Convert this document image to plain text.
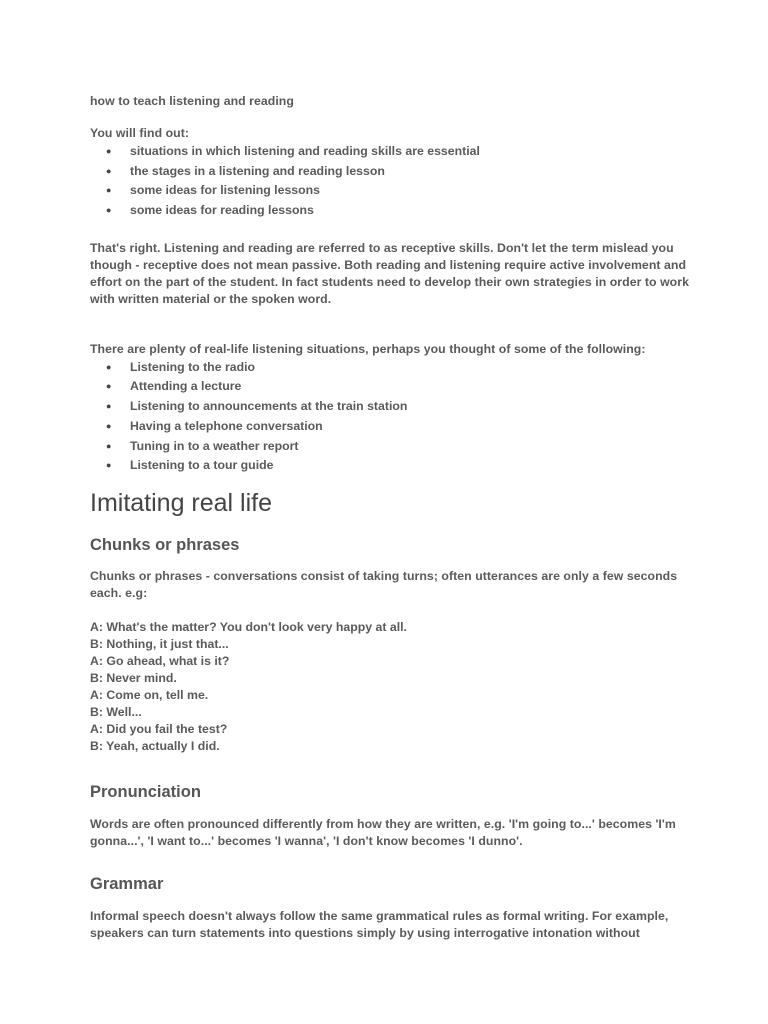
how to teach listening and reading

You will find out:

● situations in which listening and reading skills are essential
● the stages in a listening and reading lesson
● some ideas for listening lessons
● some ideas for reading lessons

That's right. Listening and reading are referred to as receptive skills. Don't let the term mislead you though - receptive does not mean passive. Both reading and listening require active involvement and effort on the part of the student. In fact students need to develop their own strategies in order to work with written material or the spoken word.

There are plenty of real-life listening situations, perhaps you thought of some of the following:

● Listening to the radio
● Attending a lecture
● Listening to announcements at the train station
● Having a telephone conversation
● Tuning in to a weather report
● Listening to a tour guide
Imitating real life
Chunks or phrases

Chunks or phrases - conversations consist of taking turns; often utterances are only a few seconds each. e.g:

A: What's the matter? You don't look very happy at all.
B: Nothing, it just that...
A: Go ahead, what is it?
B: Never mind.
A: Come on, tell me.
B: Well...
A: Did you fail the test?
B: Yeah, actually I did.
Pronunciation

Words are often pronounced differently from how they are written, e.g. 'I'm going to...' becomes 'I'm gonna...', 'I want to...' becomes 'I wanna', 'I don't know becomes 'I dunno'.

Grammar

Informal speech doesn't always follow the same grammatical rules as formal writing. For example, speakers can turn statements into questions simply by using interrogative intonation without
